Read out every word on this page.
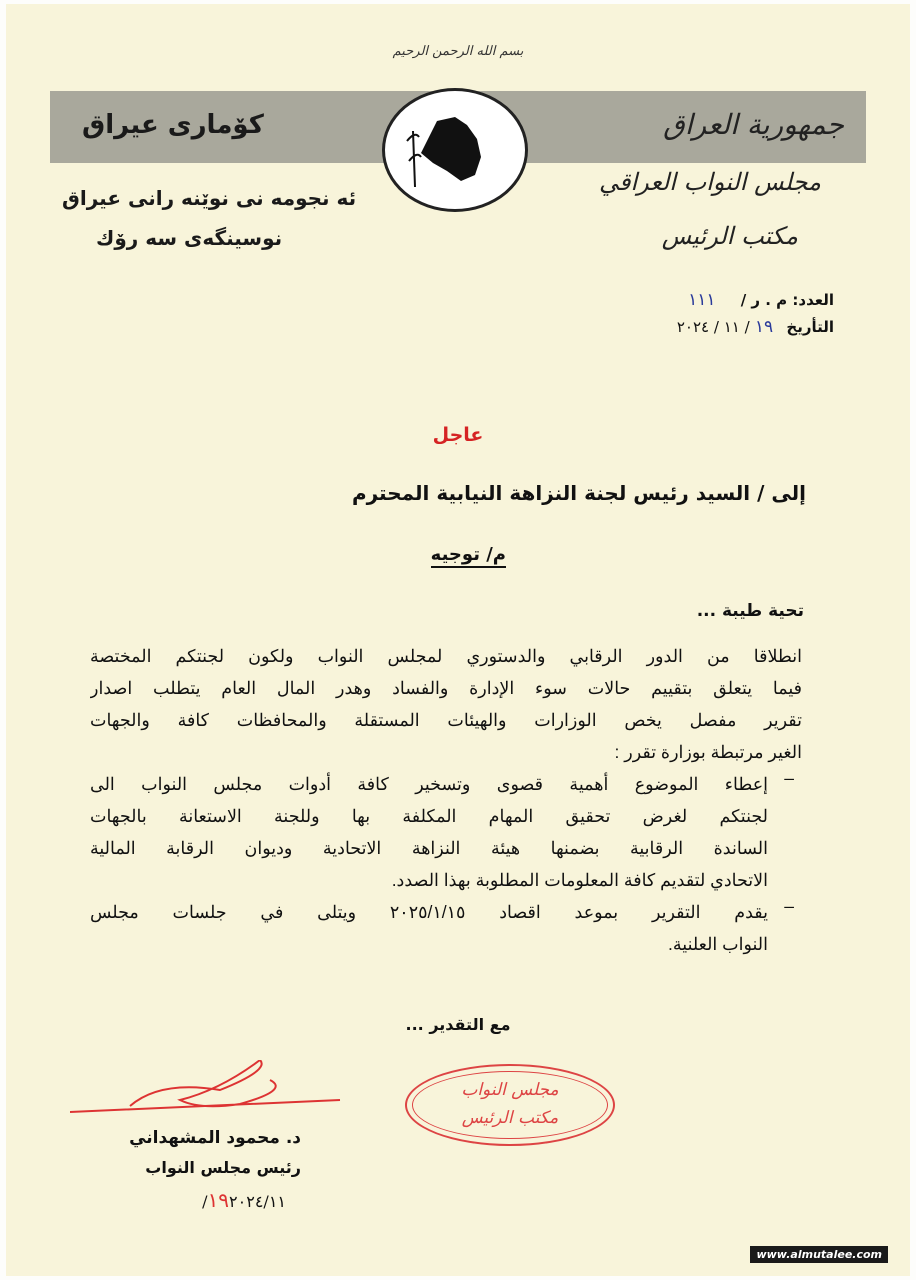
بسم الله الرحمن الرحيم
جمهورية العراق
كۆماری عیراق
مجلس النواب العراقي
مكتب الرئيس
ئه نجومه نی نوێنه رانی عیراق
نوسینگەی سه رۆك
العدد: م . ر / ١١١
التأريخ ١٩ / ١١ / ٢٠٢٤
عاجل
إلى / السيد رئيس لجنة النزاهة النيابية المحترم
م/ توجيه
تحية طيبة ...
انطلاقا من الدور الرقابي والدستوري لمجلس النواب ولكون لجنتكم المختصة
فيما يتعلق بتقييم حالات سوء الإدارة والفساد وهدر المال العام يتطلب اصدار
تقرير مفصل يخص الوزارات والهيئات المستقلة والمحافظات كافة والجهات
الغير مرتبطة بوزارة تقرر :
–
إعطاء الموضوع أهمية قصوى وتسخير كافة أدوات مجلس النواب الى
لجنتكم لغرض تحقيق المهام المكلفة بها وللجنة الاستعانة بالجهات
الساندة الرقابية بضمنها هيئة النزاهة الاتحادية وديوان الرقابة المالية
الاتحادي لتقديم كافة المعلومات المطلوبة بهذا الصدد.
–
يقدم التقرير بموعد اقصاد ٢٠٢٥/١/١٥ ويتلى في جلسات مجلس
النواب العلنية.
مع التقدير ...
مجلس النواب
مكتب الرئيس
د. محمود المشهداني
رئيس مجلس النواب
١٩٢٠٢٤/١١/
www.almutalee.com
